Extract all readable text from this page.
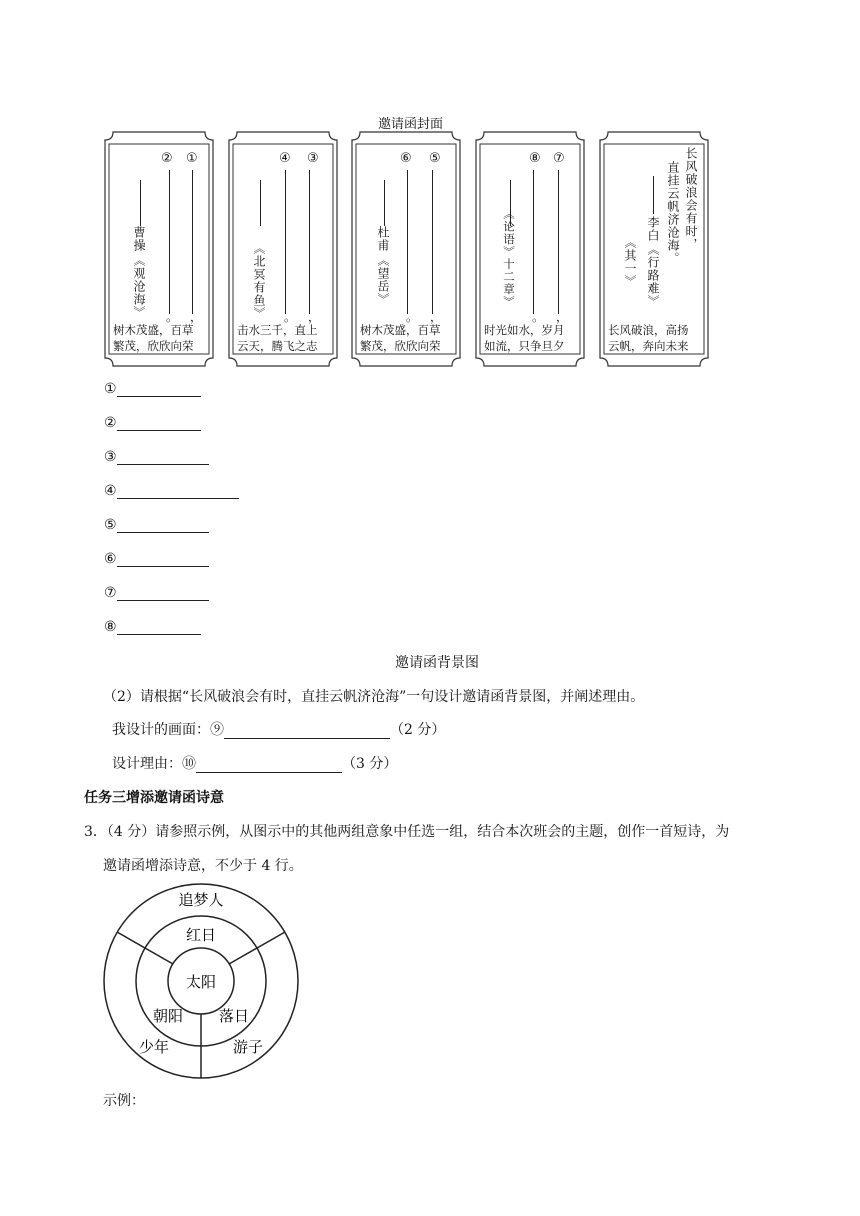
邀请函封面
② ①
。 ，
曹操
《观沧海》
树木茂盛，百草
繁茂，欣欣向荣
④ ③
。 ，
《北冥有鱼》
击水三千，直上
云天，腾飞之志
⑥ ⑤
。 ，
杜甫
《望岳》
树木茂盛，百草
繁茂，欣欣向荣
⑧ ⑦
。 ，
《论语》十二章》
时光如水，岁月
如流，只争旦夕
长风破浪会有时，
直挂云帆济沧海。
李白
《行路难》
《其一》
长风破浪，高扬
云帆，奔向未来
①
②
③
④
⑤
⑥
⑦
⑧
邀请函背景图
（2）请根据“长风破浪会有时，直挂云帆济沧海”一句设计邀请函背景图，并阐述理由。
我设计的画面：⑨	（2 分）
设计理由：⑩	（3 分）
任务三增添邀请函诗意
3．（4 分）请参照示例，从图示中的其他两组意象中任选一组，结合本次班会的主题，创作一首短诗，为
邀请函增添诗意，不少于 4 行。
太阳
红日
朝阳 落日
追梦人
少年	游子
示例：
